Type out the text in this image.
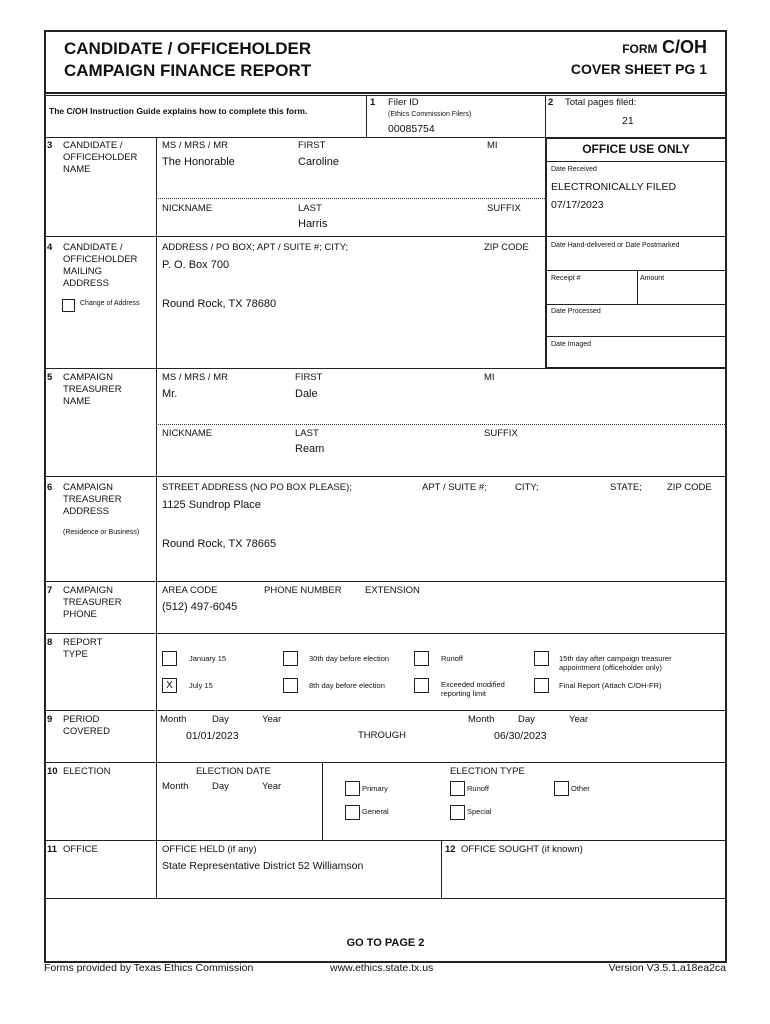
CANDIDATE / OFFICEHOLDER
CAMPAIGN FINANCE REPORT
FORM C/OH
COVER SHEET PG 1
The C/OH Instruction Guide explains how to complete this form.
1 Filer ID
(Ethics Commission Filers)
00085754
2 Total pages filed:
21
OFFICE USE ONLY
Date Received
ELECTRONICALLY FILED
07/17/2023
Date Hand-delivered or Date Postmarked
Receipt #	Amount
Date Processed
Date Imaged
3 CANDIDATE /
OFFICEHOLDER
NAME
MS / MRS / MR
The Honorable
FIRST
Caroline
MI
NICKNAME	LAST
Harris
SUFFIX
4 CANDIDATE /
OFFICEHOLDER
MAILING
ADDRESS
Change of Address
ADDRESS / PO BOX; APT / SUITE #; CITY;	ZIP CODE
P. O. Box 700
Round Rock, TX 78680
5 CAMPAIGN
TREASURER
NAME
MS / MRS / MR
Mr.
FIRST
Dale
MI
NICKNAME	LAST
Ream
SUFFIX
6 CAMPAIGN
TREASURER
ADDRESS
(Residence or Business)
STREET ADDRESS (NO PO BOX PLEASE);	APT / SUITE #;	CITY;	STATE;	ZIP CODE
1125 Sundrop Place
Round Rock, TX 78665
7 CAMPAIGN
TREASURER
PHONE
AREA CODE	PHONE NUMBER EXTENSION
(512) 497-6045
8 REPORT
TYPE	January 15	30th day before election	Runoff	15th day after campaign treasurer
appointment (officeholder only)
X	July 15	8th day before election	Exceeded modified
reporting limit
Final Report (Attach C/OH-FR)
9 PERIOD
COVERED
Month	Day	Year
01/01/2023	THROUGH
Month Day	Year
06/30/2023
10 ELECTION	ELECTION DATE
Month Day	Year
ELECTION TYPE
Primary	Runoff	Other
General	Special
11 OFFICE	OFFICE HELD (if any)
State Representative District 52 Williamson
12 OFFICE SOUGHT (if known)
GO TO PAGE 2
Forms provided by Texas Ethics Commission	www.ethics.state.tx.us	Version V3.5.1.a18ea2ca
